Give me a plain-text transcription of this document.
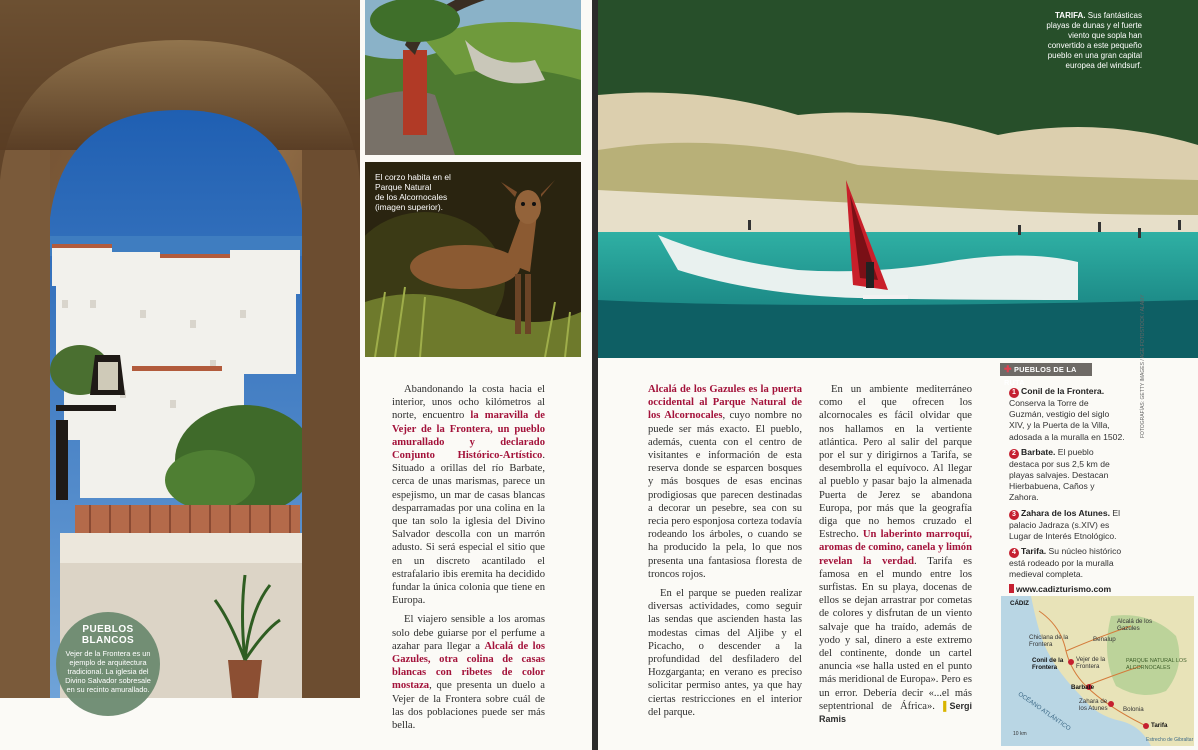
El corzo habita en el
Parque Natural
de los Alcornocales
(imagen superior).
PUEBLOS
BLANCOS
Vejer de la Frontera es un ejemplo de arquitectura tradicional. La iglesia del Divino Salvador sobresale en su recinto amurallado.

Abandonando la costa hacia el interior, unos ocho kilómetros al norte, encuentro la maravilla de Vejer de la Frontera, un pueblo amurallado y declarado Conjunto Histórico-Artístico. Situado a orillas del río Barbate, cerca de unas marismas, parece un espejismo, un mar de casas blancas desparramadas por una colina en la que tan solo la iglesia del Divino Salvador descolla con un marrón adusto. Si será especial el sitio que en un discreto acantilado el estrafalario ibis eremita ha decidido fundar la única colonia que tiene en Europa.

El viajero sensible a los aromas solo debe guiarse por el perfume a azahar para llegar a Alcalá de los Gazules, otra colina de casas blancas con ribetes de color mostaza, que presenta un duelo a Vejer de la Frontera sobre cuál de las dos poblaciones puede ser más bella.

TARIFA. Sus fantásticas playas de dunas y el fuerte viento que sopla han convertido a este pequeño pueblo en una gran capital europea del windsurf.

Alcalá de los Gazules es la puerta occidental al Parque Natural de los Alcornocales, cuyo nombre no puede ser más exacto. El pueblo, además, cuenta con el centro de visitantes e información de esta reserva donde se esparcen bosques y más bosques de esas encinas prodigiosas que parecen destinadas a decorar un pesebre, sea con su recia pero esponjosa corteza todavía rodeando los árboles, o cuando se ha producido la pela, lo que nos presenta una fantasiosa floresta de troncos rojos.

En el parque se pueden realizar diversas actividades, como seguir las sendas que ascienden hasta las modestas cimas del Aljibe y el Picacho, o descender a la profundidad del desfiladero del Hozgarganta; en verano es preciso solicitar permiso antes, ya que hay ciertas restricciones en el interior del parque.

En un ambiente mediterráneo como el que ofrecen los alcornocales es fácil olvidar que nos hallamos en la vertiente atlántica. Pero al salir del parque por el sur y dirigirnos a Tarifa, se desembrolla el equívoco. Al llegar al pueblo y pasar bajo la almenada Puerta de Jerez se abandona Europa, por más que la geografía diga que no hemos cruzado el Estrecho. Un laberinto marroquí, aromas de comino, canela y limón revelan la verdad. Tarifa es famosa en el mundo entre los surfistas. En su playa, docenas de ellos se dejan arrastrar por cometas de colores y disfrutan de un viento salvaje que ha traído, además de yodo y sal, dinero a este extremo del continente, donde un cartel anuncia «se halla usted en el punto más meridional de Europa». Pero es un error. Debería decir «...el más septentrional de África». ▌Sergi Ramis

✚ PUEBLOS DE LA RUTA
1 Conil de la Frontera. Conserva la Torre de Guzmán, vestigio del siglo XIV, y la Puerta de la Villa, adosada a la muralla en 1502.
2 Barbate. El pueblo destaca por sus 2,5 km de playas salvajes. Destacan Hierbabuena, Caños y Zahora.
3 Zahara de los Atunes. El palacio Jadraza (s.XIV) es Lugar de Interés Etnológico.
4 Tarifa. Su núcleo histórico está rodeado por la muralla medieval completa.
www.cadizturismo.com
FOTOGRAFÍAS: GETTY IMAGES / AGE FOTOSTOCK / ALAMY
CÁDIZ
Chiclana de la Frontera
Alcalá de los Gazules
Conil de la Frontera
Vejer de la Frontera
PARQUE NATURAL LOS ALCORNOCALES
Barbate
Zahara de los Atunes
OCÉANO ATLÁNTICO	Bolonia
Tarifa
Benalup
Estrecho de Gibraltar
10 km
